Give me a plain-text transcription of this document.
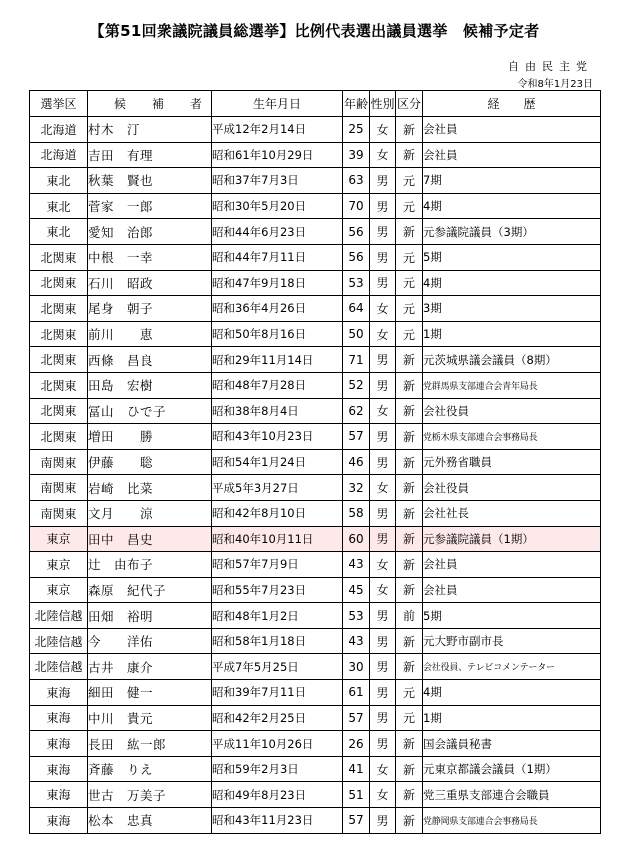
【第51回衆議院議員総選挙】比例代表選出議員選挙　候補予定者
自由民主党
令和8年1月23日
選挙区	候補者	生年月日	年齢	性別	区分	経歴
北海道	村木　汀	平成12年2月14日	25	女	新	会社員
北海道	吉田　有理	昭和61年10月29日	39	女	新	会社員
東北	秋葉　賢也	昭和37年7月3日	63	男	元	7期
東北	菅家　一郎	昭和30年5月20日	70	男	元	4期
東北	愛知　治郎	昭和44年6月23日	56	男	新	元参議院議員（3期）
北関東	中根　一幸	昭和44年7月11日	56	男	元	5期
北関東	石川　昭政	昭和47年9月18日	53	男	元	4期
北関東	尾身　朝子	昭和36年4月26日	64	女	元	3期
北関東	前川　　恵	昭和50年8月16日	50	女	元	1期
北関東	西條　昌良	昭和29年11月14日	71	男	新	元茨城県議会議員（8期）
北関東	田島　宏樹	昭和48年7月28日	52	男	新	党群馬県支部連合会青年局長
北関東	冨山　ひで子	昭和38年8月4日	62	女	新	会社役員
北関東	増田　　勝	昭和43年10月23日	57	男	新	党栃木県支部連合会事務局長
南関東	伊藤　　聡	昭和54年1月24日	46	男	新	元外務省職員
南関東	岩崎　比菜	平成5年3月27日	32	女	新	会社役員
南関東	文月　　涼	昭和42年8月10日	58	男	新	会社社長
東京	田中　昌史	昭和40年10月11日	60	男	新	元参議院議員（1期）
東京	辻　由布子	昭和57年7月9日	43	女	新	会社員
東京	森原　紀代子	昭和55年7月23日	45	女	新	会社員
北陸信越	田畑　裕明	昭和48年1月2日	53	男	前	5期
北陸信越	今　　洋佑	昭和58年1月18日	43	男	新	元大野市副市長
北陸信越	古井　康介	平成7年5月25日	30	男	新	会社役員、テレビコメンテーター
東海	細田　健一	昭和39年7月11日	61	男	元	4期
東海	中川　貴元	昭和42年2月25日	57	男	元	1期
東海	長田　紘一郎	平成11年10月26日	26	男	新	国会議員秘書
東海	斉藤　りえ	昭和59年2月3日	41	女	新	元東京都議会議員（1期）
東海	世古　万美子	昭和49年8月23日	51	女	新	党三重県支部連合会職員
東海	松本　忠真	昭和43年11月23日	57	男	新	党静岡県支部連合会事務局長
